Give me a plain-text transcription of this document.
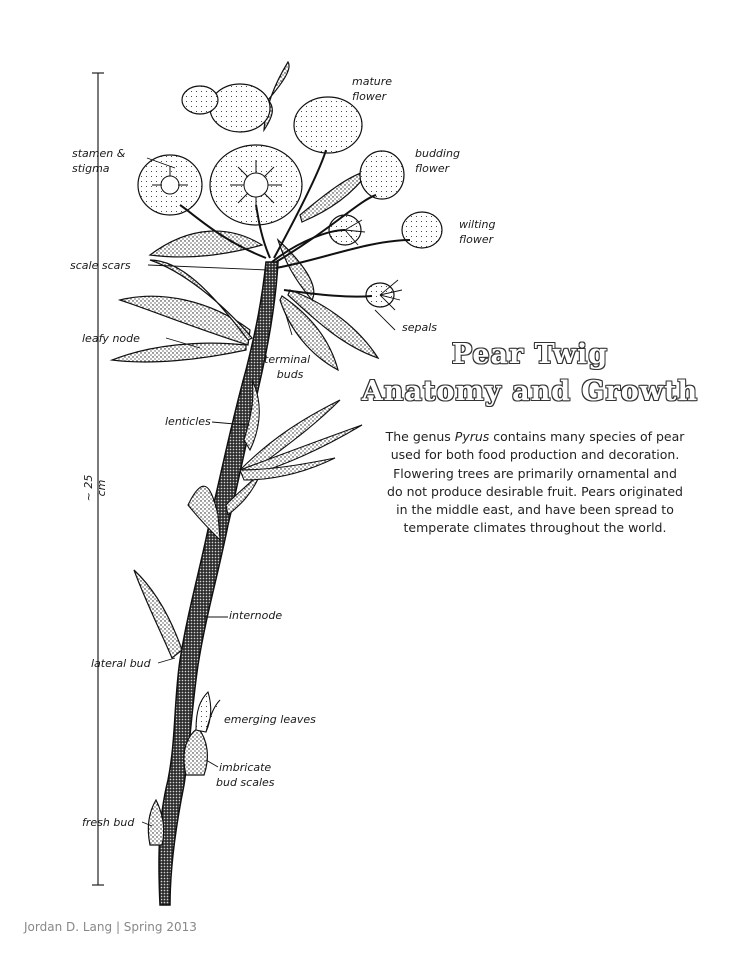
~ 25 cm
mature
flower
budding
flower
wilting
flower
stamen &
stigma
scale scars
sepals
leafy node
terminal
buds
lenticles
internode
lateral bud
emerging leaves
imbricate
bud scales
fresh bud
Pear Twig
Anatomy and Growth
The genus Pyrus contains many species of pear used for both food production and decoration. Flowering trees are primarily ornamental and do not produce desirable fruit. Pears originated in the middle east, and have been spread to temperate climates throughout the world.
Jordan D. Lang | Spring 2013
